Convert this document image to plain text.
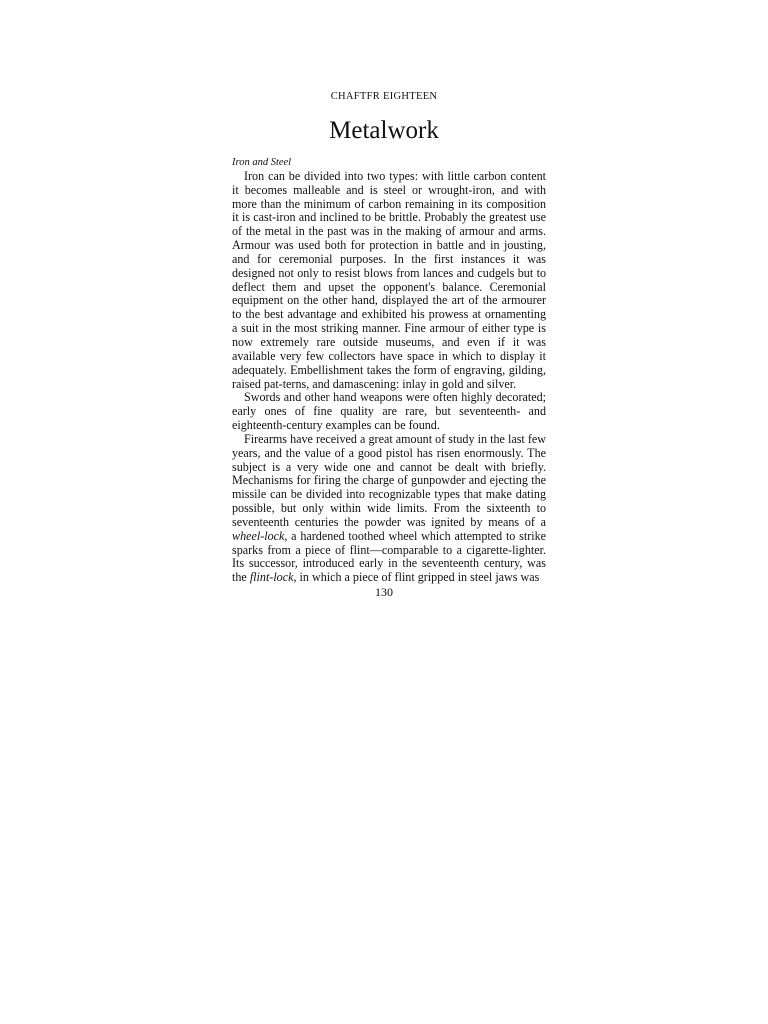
CHAFTFR EIGHTEEN
Metalwork

Iron and Steel

Iron can be divided into two types: with little carbon content it becomes malleable and is steel or wrought-iron, and with more than the minimum of carbon remaining in its composition it is cast-iron and inclined to be brittle. Probably the greatest use of the metal in the past was in the making of armour and arms. Armour was used both for protection in battle and in jousting, and for ceremonial purposes. In the first instances it was designed not only to resist blows from lances and cudgels but to deflect them and upset the opponent's balance. Ceremonial equipment on the other hand, displayed the art of the armourer to the best advantage and exhibited his prowess at ornamenting a suit in the most striking manner. Fine armour of either type is now extremely rare outside museums, and even if it was available very few collectors have space in which to display it adequately. Embellishment takes the form of engraving, gilding, raised pat-terns, and damascening: inlay in gold and silver.

Swords and other hand weapons were often highly decorated; early ones of fine quality are rare, but seventeenth- and eighteenth-century examples can be found.

Firearms have received a great amount of study in the last few years, and the value of a good pistol has risen enormously. The subject is a very wide one and cannot be dealt with briefly. Mechanisms for firing the charge of gunpowder and ejecting the missile can be divided into recognizable types that make dating possible, but only within wide limits. From the sixteenth to seventeenth centuries the powder was ignited by means of a wheel-lock, a hardened toothed wheel which attempted to strike sparks from a piece of flint—comparable to a cigarette-lighter. Its successor, introduced early in the seventeenth century, was the flint-lock, in which a piece of flint gripped in steel jaws was

130
